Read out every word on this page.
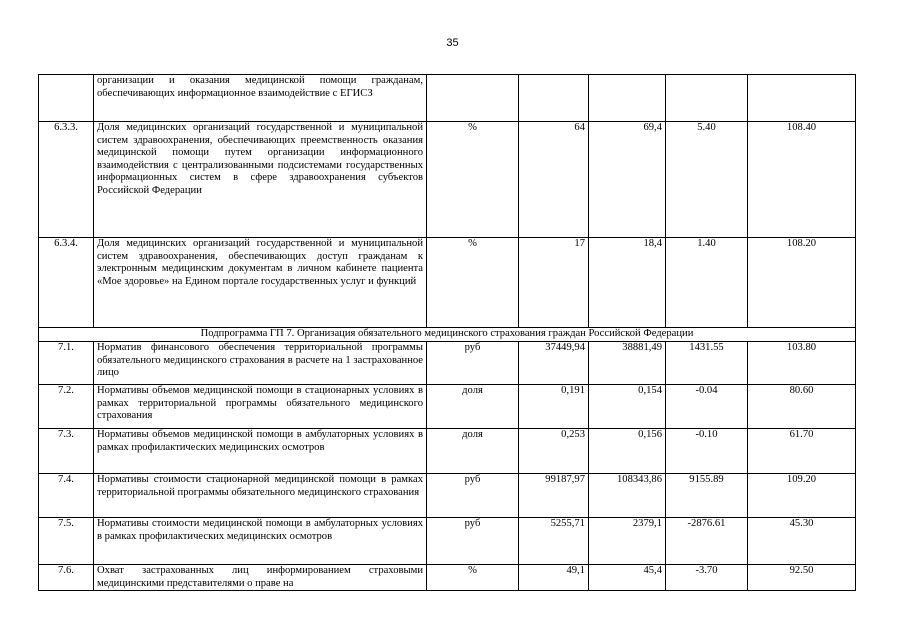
35
	организации и оказания медицинской помощи гражданам, обеспечивающих информационное взаимодействие с ЕГИСЗ					
6.3.3.	Доля медицинских организаций государственной и муниципальной систем здравоохранения, обеспечивающих преемственность оказания медицинской помощи путем организации информационного взаимодействия с централизованными подсистемами государственных информационных систем в сфере здравоохранения субъектов Российской Федерации	%	64	69,4	5.40	108.40
6.3.4.	Доля медицинских организаций государственной и муниципальной систем здравоохранения, обеспечивающих доступ гражданам к электронным медицинским документам в личном кабинете пациента «Мое здоровье» на Едином портале государственных услуг и функций	%	17	18,4	1.40	108.20
Подпрограмма ГП 7. Организация обязательного медицинского страхования граждан Российской Федерации						
7.1.	Норматив финансового обеспечения территориальной программы обязательного медицинского страхования в расчете на 1 застрахованное лицо	руб	37449,94	38881,49	1431.55	103.80
7.2.	Нормативы объемов медицинской помощи в стационарных условиях в рамках территориальной программы обязательного медицинского страхования	доля	0,191	0,154	-0.04	80.60
7.3.	Нормативы объемов медицинской помощи в амбулаторных условиях в рамках профилактических медицинских осмотров	доля	0,253	0,156	-0.10	61.70
7.4.	Нормативы стоимости стационарной медицинской помощи в рамках территориальной программы обязательного медицинского страхования	руб	99187,97	108343,86	9155.89	109.20
7.5.	Нормативы стоимости медицинской помощи в амбулаторных условиях в рамках профилактических медицинских осмотров	руб	5255,71	2379,1	-2876.61	45.30
7.6.	Охват застрахованных лиц информированием страховыми медицинскими представителями о праве на	%	49,1	45,4	-3.70	92.50
